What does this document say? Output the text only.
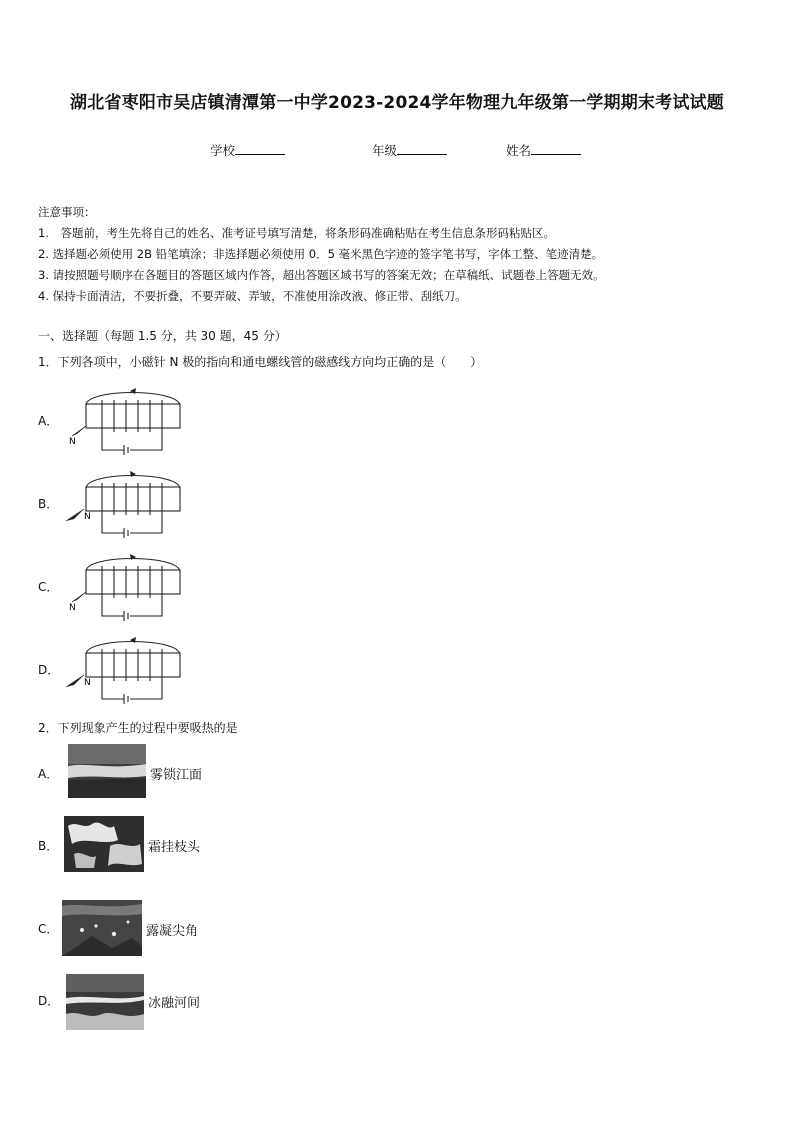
湖北省枣阳市吴店镇清潭第一中学2023-2024学年物理九年级第一学期期末考试试题
学校	年级	姓名
注意事项：
1.　答题前，考生先将自己的姓名、准考证号填写清楚，将条形码准确粘贴在考生信息条形码粘贴区。
2. 选择题必须使用 2B 铅笔填涂；非选择题必须使用 0．5 毫米黑色字迹的签字笔书写，字体工整、笔迹清楚。
3. 请按照题号顺序在各题目的答题区域内作答，超出答题区域书写的答案无效；在草稿纸、试题卷上答题无效。
4. 保持卡面清洁，不要折叠，不要弄破、弄皱，不准使用涂改液、修正带、刮纸刀。
一、选择题（每题 1.5 分，共 30 题，45 分）
1．下列各项中，小磁针 N 极的指向和通电螺线管的磁感线方向均正确的是（　　）
A．
B．
C．
D．
N
N
N
N
2．下列现象产生的过程中要吸热的是
A．	雾锁江面
B．	霜挂枝头
C．	露凝尖角
D．	冰融河间
